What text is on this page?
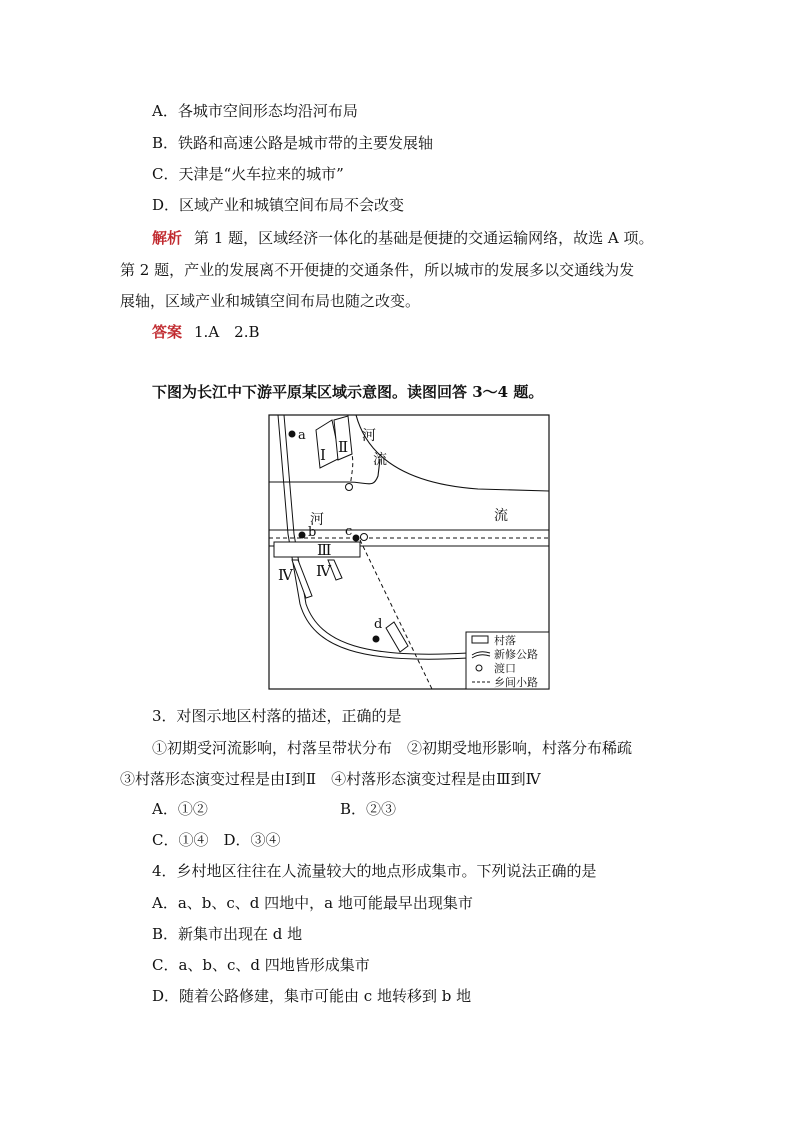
A．各城市空间形态均沿河布局
B．铁路和高速公路是城市带的主要发展轴
C．天津是“火车拉来的城市”
D．区域产业和城镇空间布局不会改变
解析 第 1 题，区域经济一体化的基础是便捷的交通运输网络，故选 A 项。
第 2 题，产业的发展离不开便捷的交通条件，所以城市的发展多以交通线为发
展轴，区域产业和城镇空间布局也随之改变。
答案 1.A　2.B
下图为长江中下游平原某区域示意图。读图回答 3～4 题。
a
b c
d
Ⅰ Ⅱ
Ⅲ
Ⅳ Ⅳ
河
流
河	流
村落
新修公路
渡口
乡间小路
3．对图示地区村落的描述，正确的是
①初期受河流影响，村落呈带状分布　②初期受地形影响，村落分布稀疏
③村落形态演变过程是由Ⅰ到Ⅱ　④村落形态演变过程是由Ⅲ到Ⅳ
A．①②	B．②③
C．①④　D．③④
4．乡村地区往往在人流量较大的地点形成集市。下列说法正确的是
A．a、b、c、d 四地中，a 地可能最早出现集市
B．新集市出现在 d 地
C．a、b、c、d 四地皆形成集市
D．随着公路修建，集市可能由 c 地转移到 b 地
